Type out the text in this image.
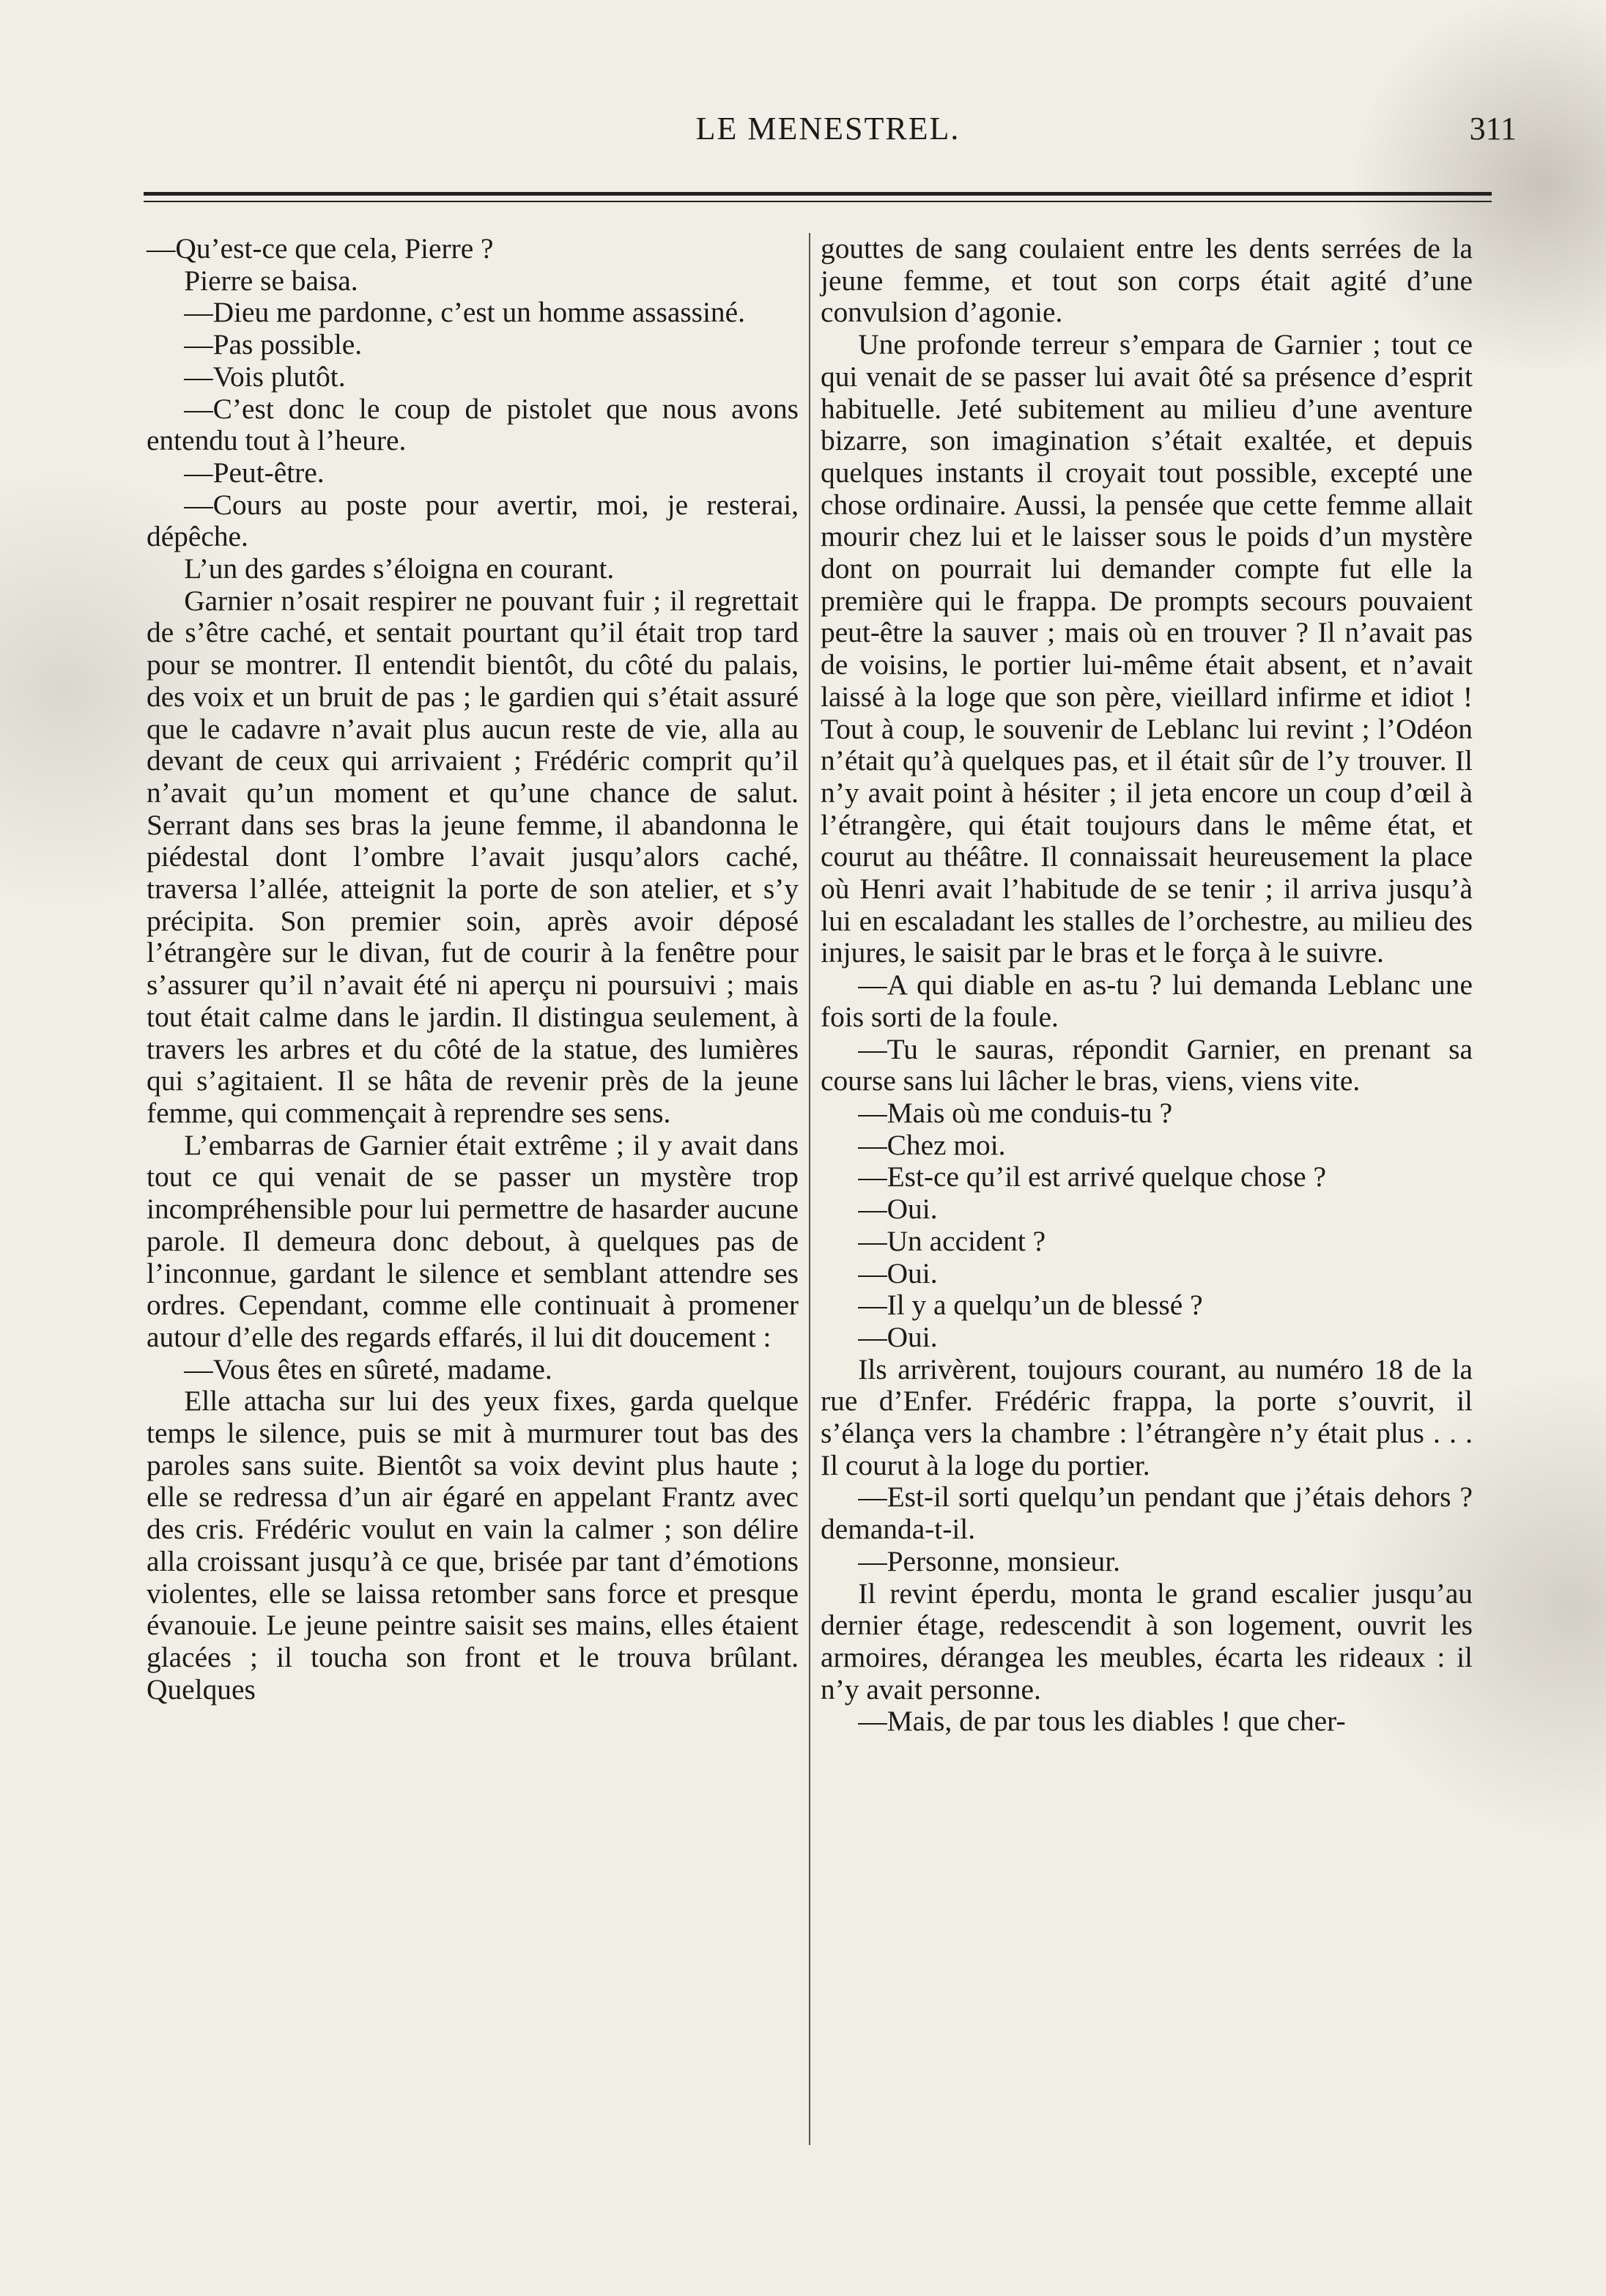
LE MENESTREL.	311

—Qu’est-ce que cela, Pierre ?

Pierre se baisa.

—Dieu me pardonne, c’est un homme assassiné.

—Pas possible.

—Vois plutôt.

—C’est donc le coup de pistolet que nous avons entendu tout à l’heure.

—Peut-être.

—Cours au poste pour avertir, moi, je resterai, dépêche.

L’un des gardes s’éloigna en courant.

Garnier n’osait respirer ne pouvant fuir ; il regrettait de s’être caché, et sentait pourtant qu’il était trop tard pour se montrer. Il entendit bientôt, du côté du palais, des voix et un bruit de pas ; le gardien qui s’était assuré que le cadavre n’avait plus aucun reste de vie, alla au devant de ceux qui arrivaient ; Frédéric comprit qu’il n’avait qu’un moment et qu’une chance de salut. Serrant dans ses bras la jeune femme, il abandonna le piédestal dont l’ombre l’avait jusqu’alors caché, traversa l’allée, atteignit la porte de son atelier, et s’y précipita. Son premier soin, après avoir déposé l’étrangère sur le divan, fut de courir à la fenêtre pour s’assurer qu’il n’avait été ni aperçu ni poursuivi ; mais tout était calme dans le jardin. Il distingua seulement, à travers les arbres et du côté de la statue, des lumières qui s’agitaient. Il se hâta de revenir près de la jeune femme, qui commençait à reprendre ses sens.

L’embarras de Garnier était extrême ; il y avait dans tout ce qui venait de se passer un mystère trop incompréhensible pour lui permettre de hasarder aucune parole. Il demeura donc debout, à quelques pas de l’inconnue, gardant le silence et semblant attendre ses ordres. Cependant, comme elle continuait à promener autour d’elle des regards effarés, il lui dit doucement :

—Vous êtes en sûreté, madame.

Elle attacha sur lui des yeux fixes, garda quelque temps le silence, puis se mit à murmurer tout bas des paroles sans suite. Bientôt sa voix devint plus haute ; elle se redressa d’un air égaré en appelant Frantz avec des cris. Frédéric voulut en vain la calmer ; son délire alla croissant jusqu’à ce que, brisée par tant d’émotions violentes, elle se laissa retomber sans force et presque évanouie. Le jeune peintre saisit ses mains, elles étaient glacées ; il toucha son front et le trouva brûlant. Quelques

gouttes de sang coulaient entre les dents serrées de la jeune femme, et tout son corps était agité d’une convulsion d’agonie.

Une profonde terreur s’empara de Garnier ; tout ce qui venait de se passer lui avait ôté sa présence d’esprit habituelle. Jeté subitement au milieu d’une aventure bizarre, son imagination s’était exaltée, et depuis quelques instants il croyait tout possible, excepté une chose ordinaire. Aussi, la pensée que cette femme allait mourir chez lui et le laisser sous le poids d’un mystère dont on pourrait lui demander compte fut elle la première qui le frappa. De prompts secours pouvaient peut-être la sauver ; mais où en trouver ? Il n’avait pas de voisins, le portier lui-même était absent, et n’avait laissé à la loge que son père, vieillard infirme et idiot ! Tout à coup, le souvenir de Leblanc lui revint ; l’Odéon n’était qu’à quelques pas, et il était sûr de l’y trouver. Il n’y avait point à hésiter ; il jeta encore un coup d’œil à l’étrangère, qui était toujours dans le même état, et courut au théâtre. Il connaissait heureusement la place où Henri avait l’habitude de se tenir ; il arriva jusqu’à lui en escaladant les stalles de l’orchestre, au milieu des injures, le saisit par le bras et le força à le suivre.

—A qui diable en as-tu ? lui demanda Leblanc une fois sorti de la foule.

—Tu le sauras, répondit Garnier, en prenant sa course sans lui lâcher le bras, viens, viens vite.

—Mais où me conduis-tu ?

—Chez moi.

—Est-ce qu’il est arrivé quelque chose ?

—Oui.

—Un accident ?

—Oui.

—Il y a quelqu’un de blessé ?

—Oui.

Ils arrivèrent, toujours courant, au numéro 18 de la rue d’Enfer. Frédéric frappa, la porte s’ouvrit, il s’élança vers la chambre : l’étrangère n’y était plus . . . Il courut à la loge du portier.

—Est-il sorti quelqu’un pendant que j’étais dehors ? demanda-t-il.

—Personne, monsieur.

Il revint éperdu, monta le grand escalier jusqu’au dernier étage, redescendit à son logement, ouvrit les armoires, dérangea les meubles, écarta les rideaux : il n’y avait personne.

—Mais, de par tous les diables ! que cher-
